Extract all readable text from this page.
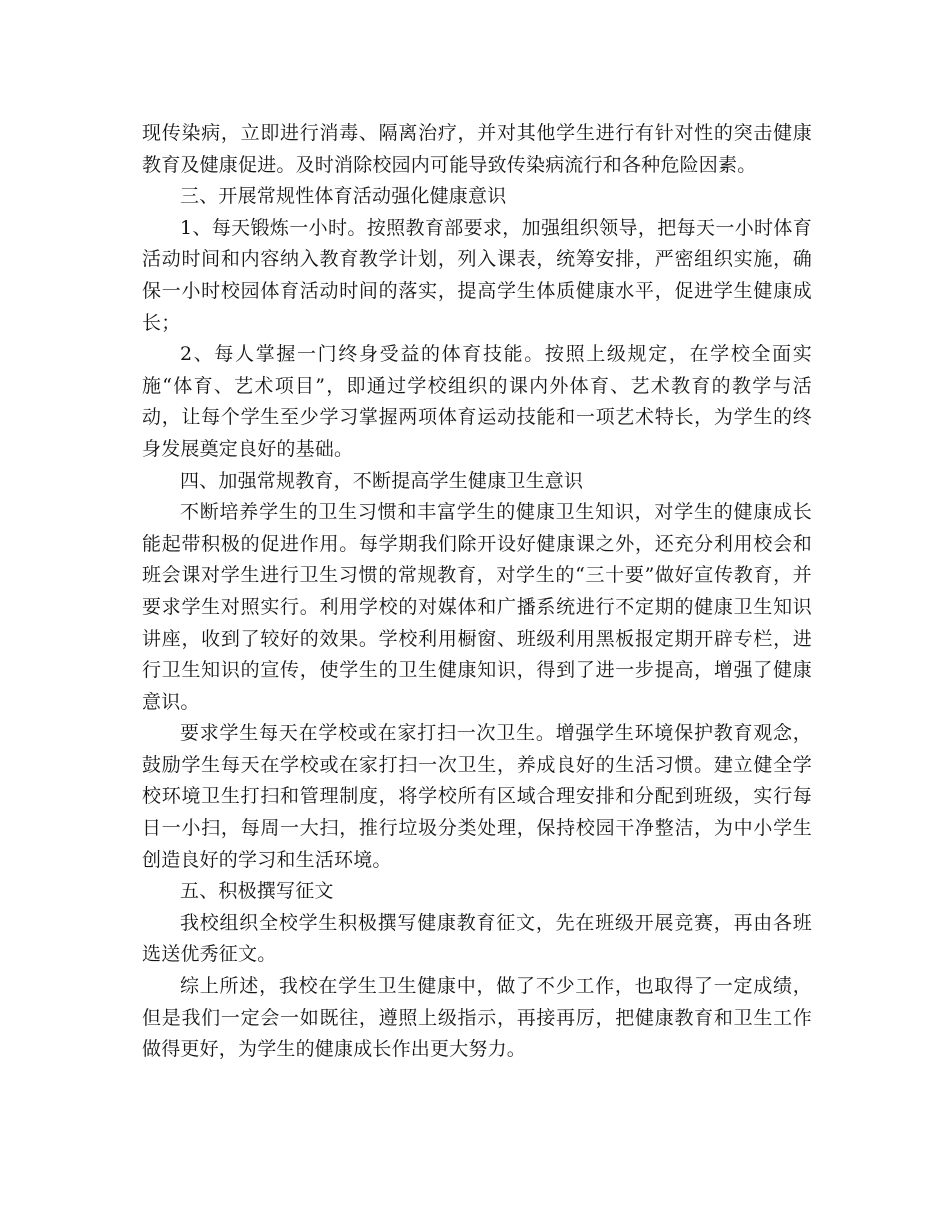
现传染病，立即进行消毒、隔离治疗，并对其他学生进行有针对性的突击健康教育及健康促进。及时消除校园内可能导致传染病流行和各种危险因素。

三、开展常规性体育活动强化健康意识

1、每天锻炼一小时。按照教育部要求，加强组织领导，把每天一小时体育活动时间和内容纳入教育教学计划，列入课表，统筹安排，严密组织实施，确保一小时校园体育活动时间的落实，提高学生体质健康水平，促进学生健康成长；

2、每人掌握一门终身受益的体育技能。按照上级规定，在学校全面实施“体育、艺术项目”，即通过学校组织的课内外体育、艺术教育的教学与活动，让每个学生至少学习掌握两项体育运动技能和一项艺术特长，为学生的终身发展奠定良好的基础。

四、加强常规教育，不断提高学生健康卫生意识

不断培养学生的卫生习惯和丰富学生的健康卫生知识，对学生的健康成长能起带积极的促进作用。每学期我们除开设好健康课之外，还充分利用校会和班会课对学生进行卫生习惯的常规教育，对学生的“三十要”做好宣传教育，并要求学生对照实行。利用学校的对媒体和广播系统进行不定期的健康卫生知识讲座，收到了较好的效果。学校利用橱窗、班级利用黑板报定期开辟专栏，进行卫生知识的宣传，使学生的卫生健康知识，得到了进一步提高，增强了健康意识。

要求学生每天在学校或在家打扫一次卫生。增强学生环境保护教育观念，鼓励学生每天在学校或在家打扫一次卫生，养成良好的生活习惯。建立健全学校环境卫生打扫和管理制度，将学校所有区域合理安排和分配到班级，实行每日一小扫，每周一大扫，推行垃圾分类处理，保持校园干净整洁，为中小学生创造良好的学习和生活环境。

五、积极撰写征文

我校组织全校学生积极撰写健康教育征文，先在班级开展竞赛，再由各班选送优秀征文。

综上所述，我校在学生卫生健康中，做了不少工作，也取得了一定成绩，但是我们一定会一如既往，遵照上级指示，再接再厉，把健康教育和卫生工作做得更好，为学生的健康成长作出更大努力。
